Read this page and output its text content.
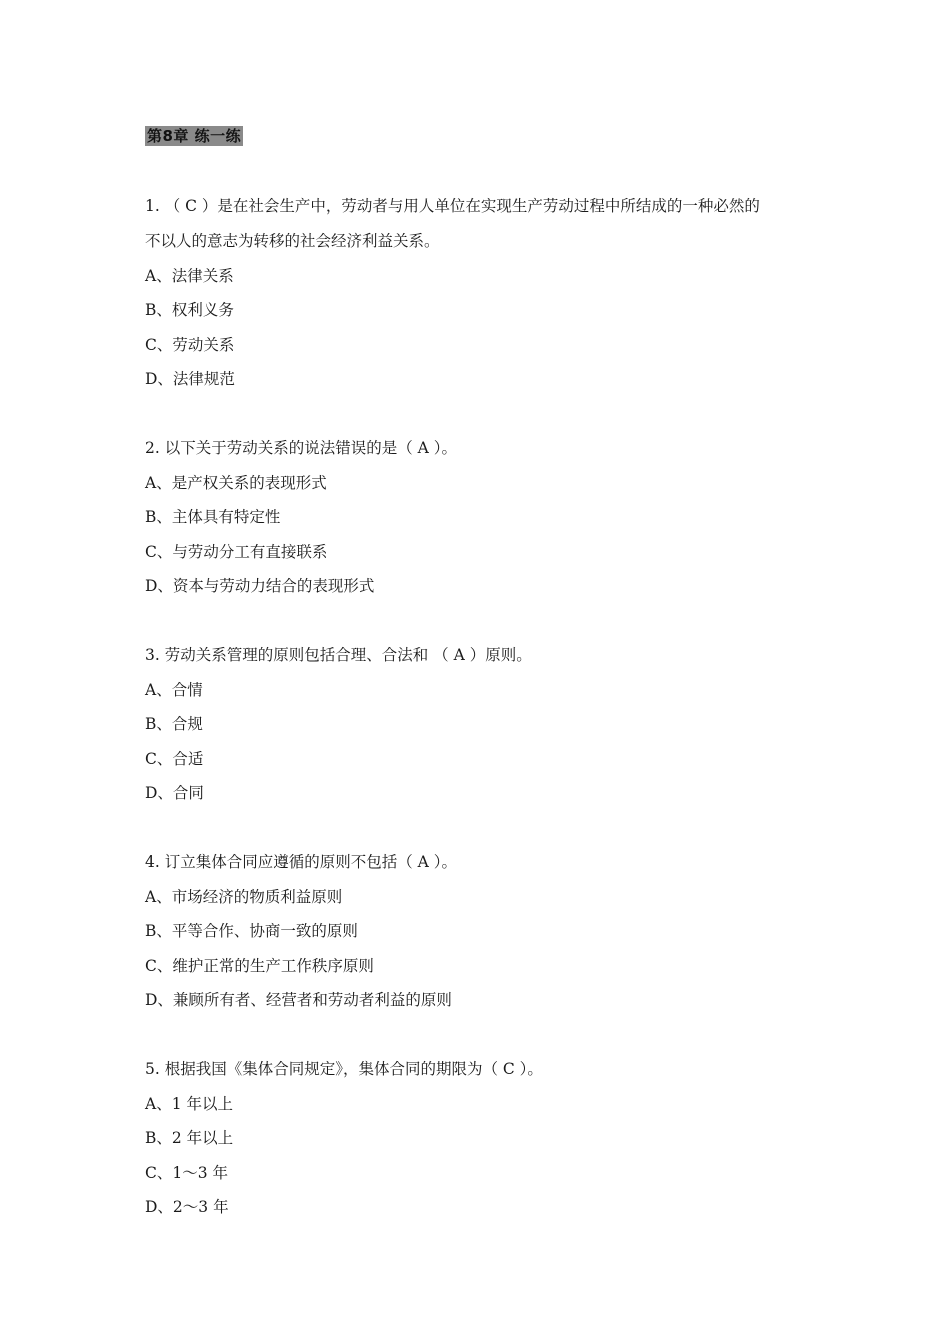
第8章 练一练
1. （ C ）是在社会生产中，劳动者与用人单位在实现生产劳动过程中所结成的一种必然的
不以人的意志为转移的社会经济利益关系。
A、法律关系
B、权利义务
C、劳动关系
D、法律规范
2. 以下关于劳动关系的说法错误的是（ A ）。
A、是产权关系的表现形式
B、主体具有特定性
C、与劳动分工有直接联系
D、资本与劳动力结合的表现形式
3. 劳动关系管理的原则包括合理、合法和 （ A ）原则。
A、合情
B、合规
C、合适
D、合同
4. 订立集体合同应遵循的原则不包括（ A ）。
A、市场经济的物质利益原则
B、平等合作、协商一致的原则
C、维护正常的生产工作秩序原则
D、兼顾所有者、经营者和劳动者利益的原则
5. 根据我国《集体合同规定》，集体合同的期限为（ C ）。
A、1 年以上
B、2 年以上
C、1～3 年
D、2～3 年
